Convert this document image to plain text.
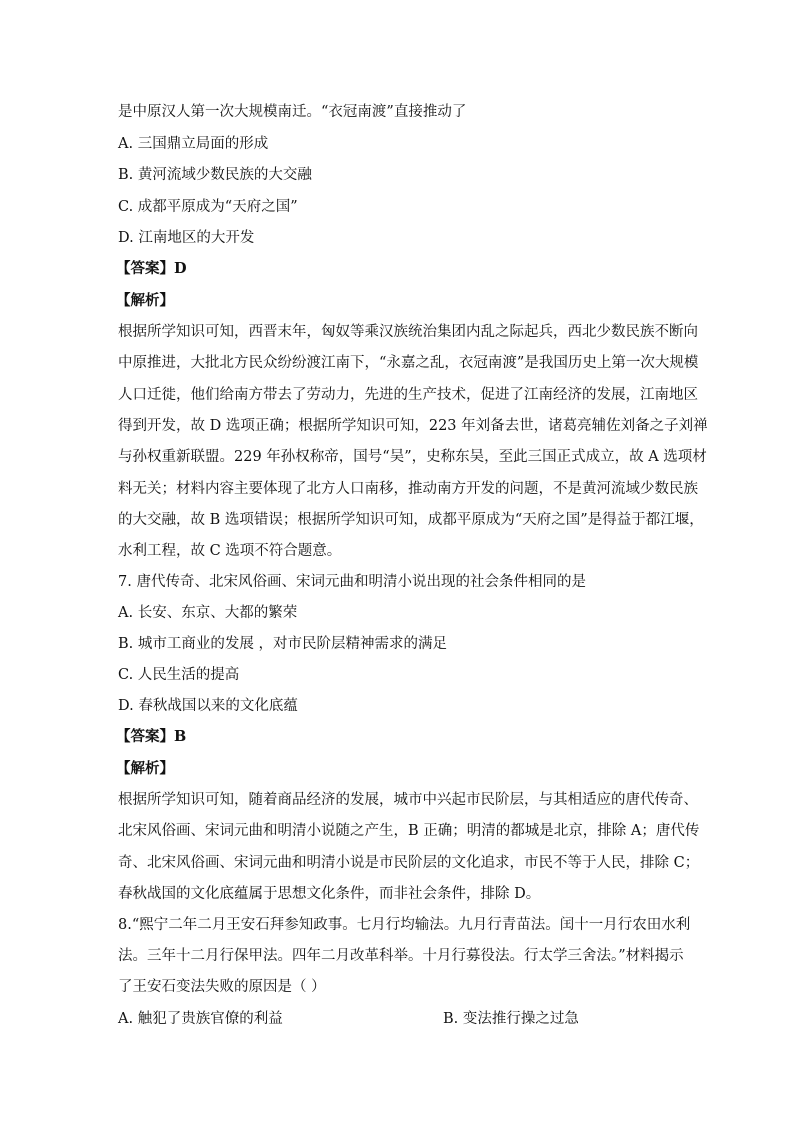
是中原汉人第一次大规模南迁。“衣冠南渡”直接推动了
A. 三国鼎立局面的形成
B. 黄河流域少数民族的大交融
C. 成都平原成为“天府之国”
D. 江南地区的大开发
【答案】D
【解析】
根据所学知识可知，西晋末年，匈奴等乘汉族统治集团内乱之际起兵，西北少数民族不断向
中原推进，大批北方民众纷纷渡江南下，“永嘉之乱，衣冠南渡”是我国历史上第一次大规模
人口迁徙，他们给南方带去了劳动力，先进的生产技术，促进了江南经济的发展，江南地区
得到开发，故 D 选项正确；根据所学知识可知，223 年刘备去世，诸葛亮辅佐刘备之子刘禅
与孙权重新联盟。229 年孙权称帝，国号“吴”，史称东吴，至此三国正式成立，故 A 选项材
料无关；材料内容主要体现了北方人口南移，推动南方开发的问题，不是黄河流域少数民族
的大交融，故 B 选项错误；根据所学知识可知，成都平原成为“天府之国”是得益于都江堰，
水利工程，故 C 选项不符合题意。
7. 唐代传奇、北宋风俗画、宋词元曲和明清小说出现的社会条件相同的是
A. 长安、东京、大都的繁荣
B. 城市工商业的发展 ，对市民阶层精神需求的满足
C. 人民生活的提高
D. 春秋战国以来的文化底蕴
【答案】B
【解析】
根据所学知识可知，随着商品经济的发展，城市中兴起市民阶层，与其相适应的唐代传奇、
北宋风俗画、宋词元曲和明清小说随之产生，B 正确；明清的都城是北京，排除 A；唐代传
奇、北宋风俗画、宋词元曲和明清小说是市民阶层的文化追求，市民不等于人民，排除 C；
春秋战国的文化底蕴属于思想文化条件，而非社会条件，排除 D。
8.“熙宁二年二月王安石拜参知政事。七月行均输法。九月行青苗法。闰十一月行农田水利
法。三年十二月行保甲法。四年二月改革科举。十月行募役法。行太学三舍法。”材料揭示
了王安石变法失败的原因是（ ）
A. 触犯了贵族官僚的利益	B. 变法推行操之过急
